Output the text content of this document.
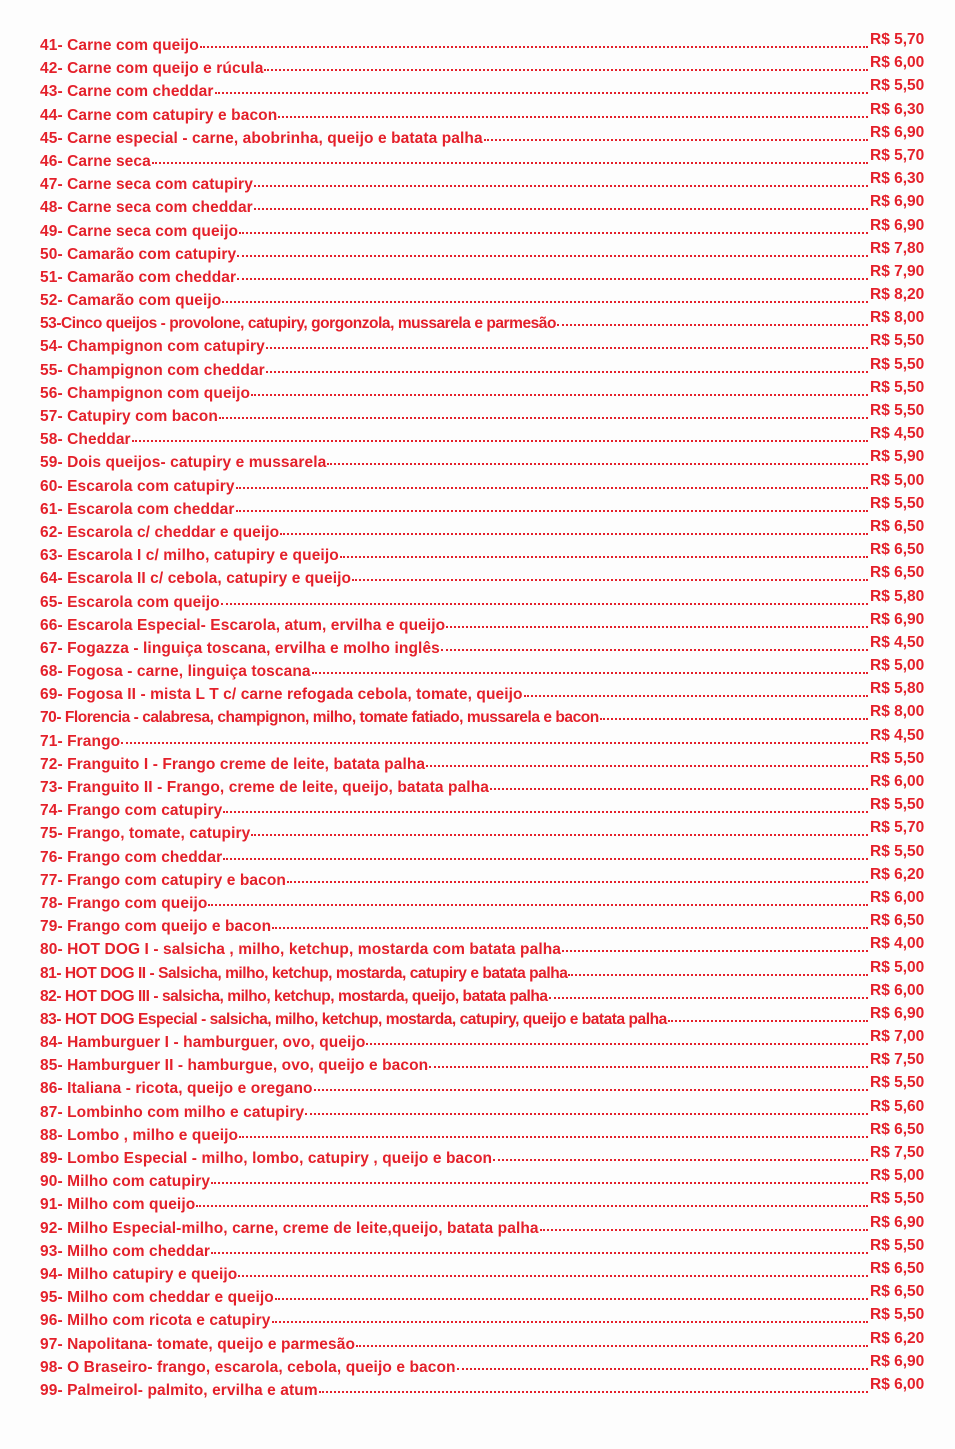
41- Carne com queijo	R$ 5,70
42- Carne com queijo e rúcula	R$ 6,00
43- Carne com cheddar	R$ 5,50
44- Carne com catupiry e bacon	R$ 6,30
45- Carne especial - carne, abobrinha, queijo e batata palha	R$ 6,90
46- Carne seca	R$ 5,70
47- Carne seca com catupiry	R$ 6,30
48- Carne seca com cheddar	R$ 6,90
49- Carne seca com queijo	R$ 6,90
50- Camarão com catupiry	R$ 7,80
51- Camarão com cheddar	R$ 7,90
52- Camarão com queijo	R$ 8,20
53-Cinco queijos - provolone, catupiry, gorgonzola, mussarela e parmesão	R$ 8,00
54- Champignon com catupiry	R$ 5,50
55- Champignon com cheddar	R$ 5,50
56- Champignon com queijo	R$ 5,50
57- Catupiry com bacon	R$ 5,50
58- Cheddar	R$ 4,50
59- Dois queijos- catupiry e mussarela	R$ 5,90
60- Escarola com catupiry	R$ 5,00
61- Escarola com cheddar	R$ 5,50
62- Escarola c/ cheddar e queijo	R$ 6,50
63- Escarola I c/ milho, catupiry e queijo	R$ 6,50
64- Escarola II c/ cebola, catupiry e queijo	R$ 6,50
65- Escarola com queijo	R$ 5,80
66- Escarola Especial- Escarola, atum, ervilha e queijo	R$ 6,90
67- Fogazza - linguiça toscana, ervilha e molho inglês	R$ 4,50
68- Fogosa - carne, linguiça toscana	R$ 5,00
69- Fogosa II - mista L T c/ carne refogada cebola, tomate, queijo	R$ 5,80
70- Florencia - calabresa, champignon, milho, tomate fatiado, mussarela e bacon	R$ 8,00
71- Frango	R$ 4,50
72- Franguito I - Frango creme de leite, batata palha	R$ 5,50
73- Franguito II - Frango, creme de leite, queijo, batata palha	R$ 6,00
74- Frango com catupiry	R$ 5,50
75- Frango, tomate, catupiry	R$ 5,70
76- Frango com cheddar	R$ 5,50
77- Frango com catupiry e bacon	R$ 6,20
78- Frango com queijo	R$ 6,00
79- Frango com queijo e bacon	R$ 6,50
80- HOT DOG I - salsicha , milho, ketchup, mostarda com batata palha	R$ 4,00
81- HOT DOG II - Salsicha, milho, ketchup, mostarda, catupiry e batata palha	R$ 5,00
82- HOT DOG III - salsicha, milho, ketchup, mostarda, queijo, batata palha	R$ 6,00
83- HOT DOG Especial - salsicha, milho, ketchup, mostarda, catupiry, queijo e batata palha	R$ 6,90
84- Hamburguer I - hamburguer, ovo, queijo	R$ 7,00
85- Hamburguer II - hamburgue, ovo, queijo e bacon	R$ 7,50
86- Italiana - ricota, queijo e oregano	R$ 5,50
87- Lombinho com milho e catupiry	R$ 5,60
88- Lombo , milho e queijo	R$ 6,50
89- Lombo Especial - milho, lombo, catupiry , queijo e bacon	R$ 7,50
90- Milho com catupiry	R$ 5,00
91- Milho com queijo	R$ 5,50
92- Milho Especial-milho, carne, creme de leite,queijo, batata palha	R$ 6,90
93- Milho com cheddar	R$ 5,50
94- Milho catupiry e queijo	R$ 6,50
95- Milho com cheddar e queijo	R$ 6,50
96- Milho com ricota e catupiry	R$ 5,50
97- Napolitana- tomate, queijo e parmesão	R$ 6,20
98- O Braseiro- frango, escarola, cebola, queijo e bacon	R$ 6,90
99- Palmeirol- palmito, ervilha e atum	R$ 6,00
